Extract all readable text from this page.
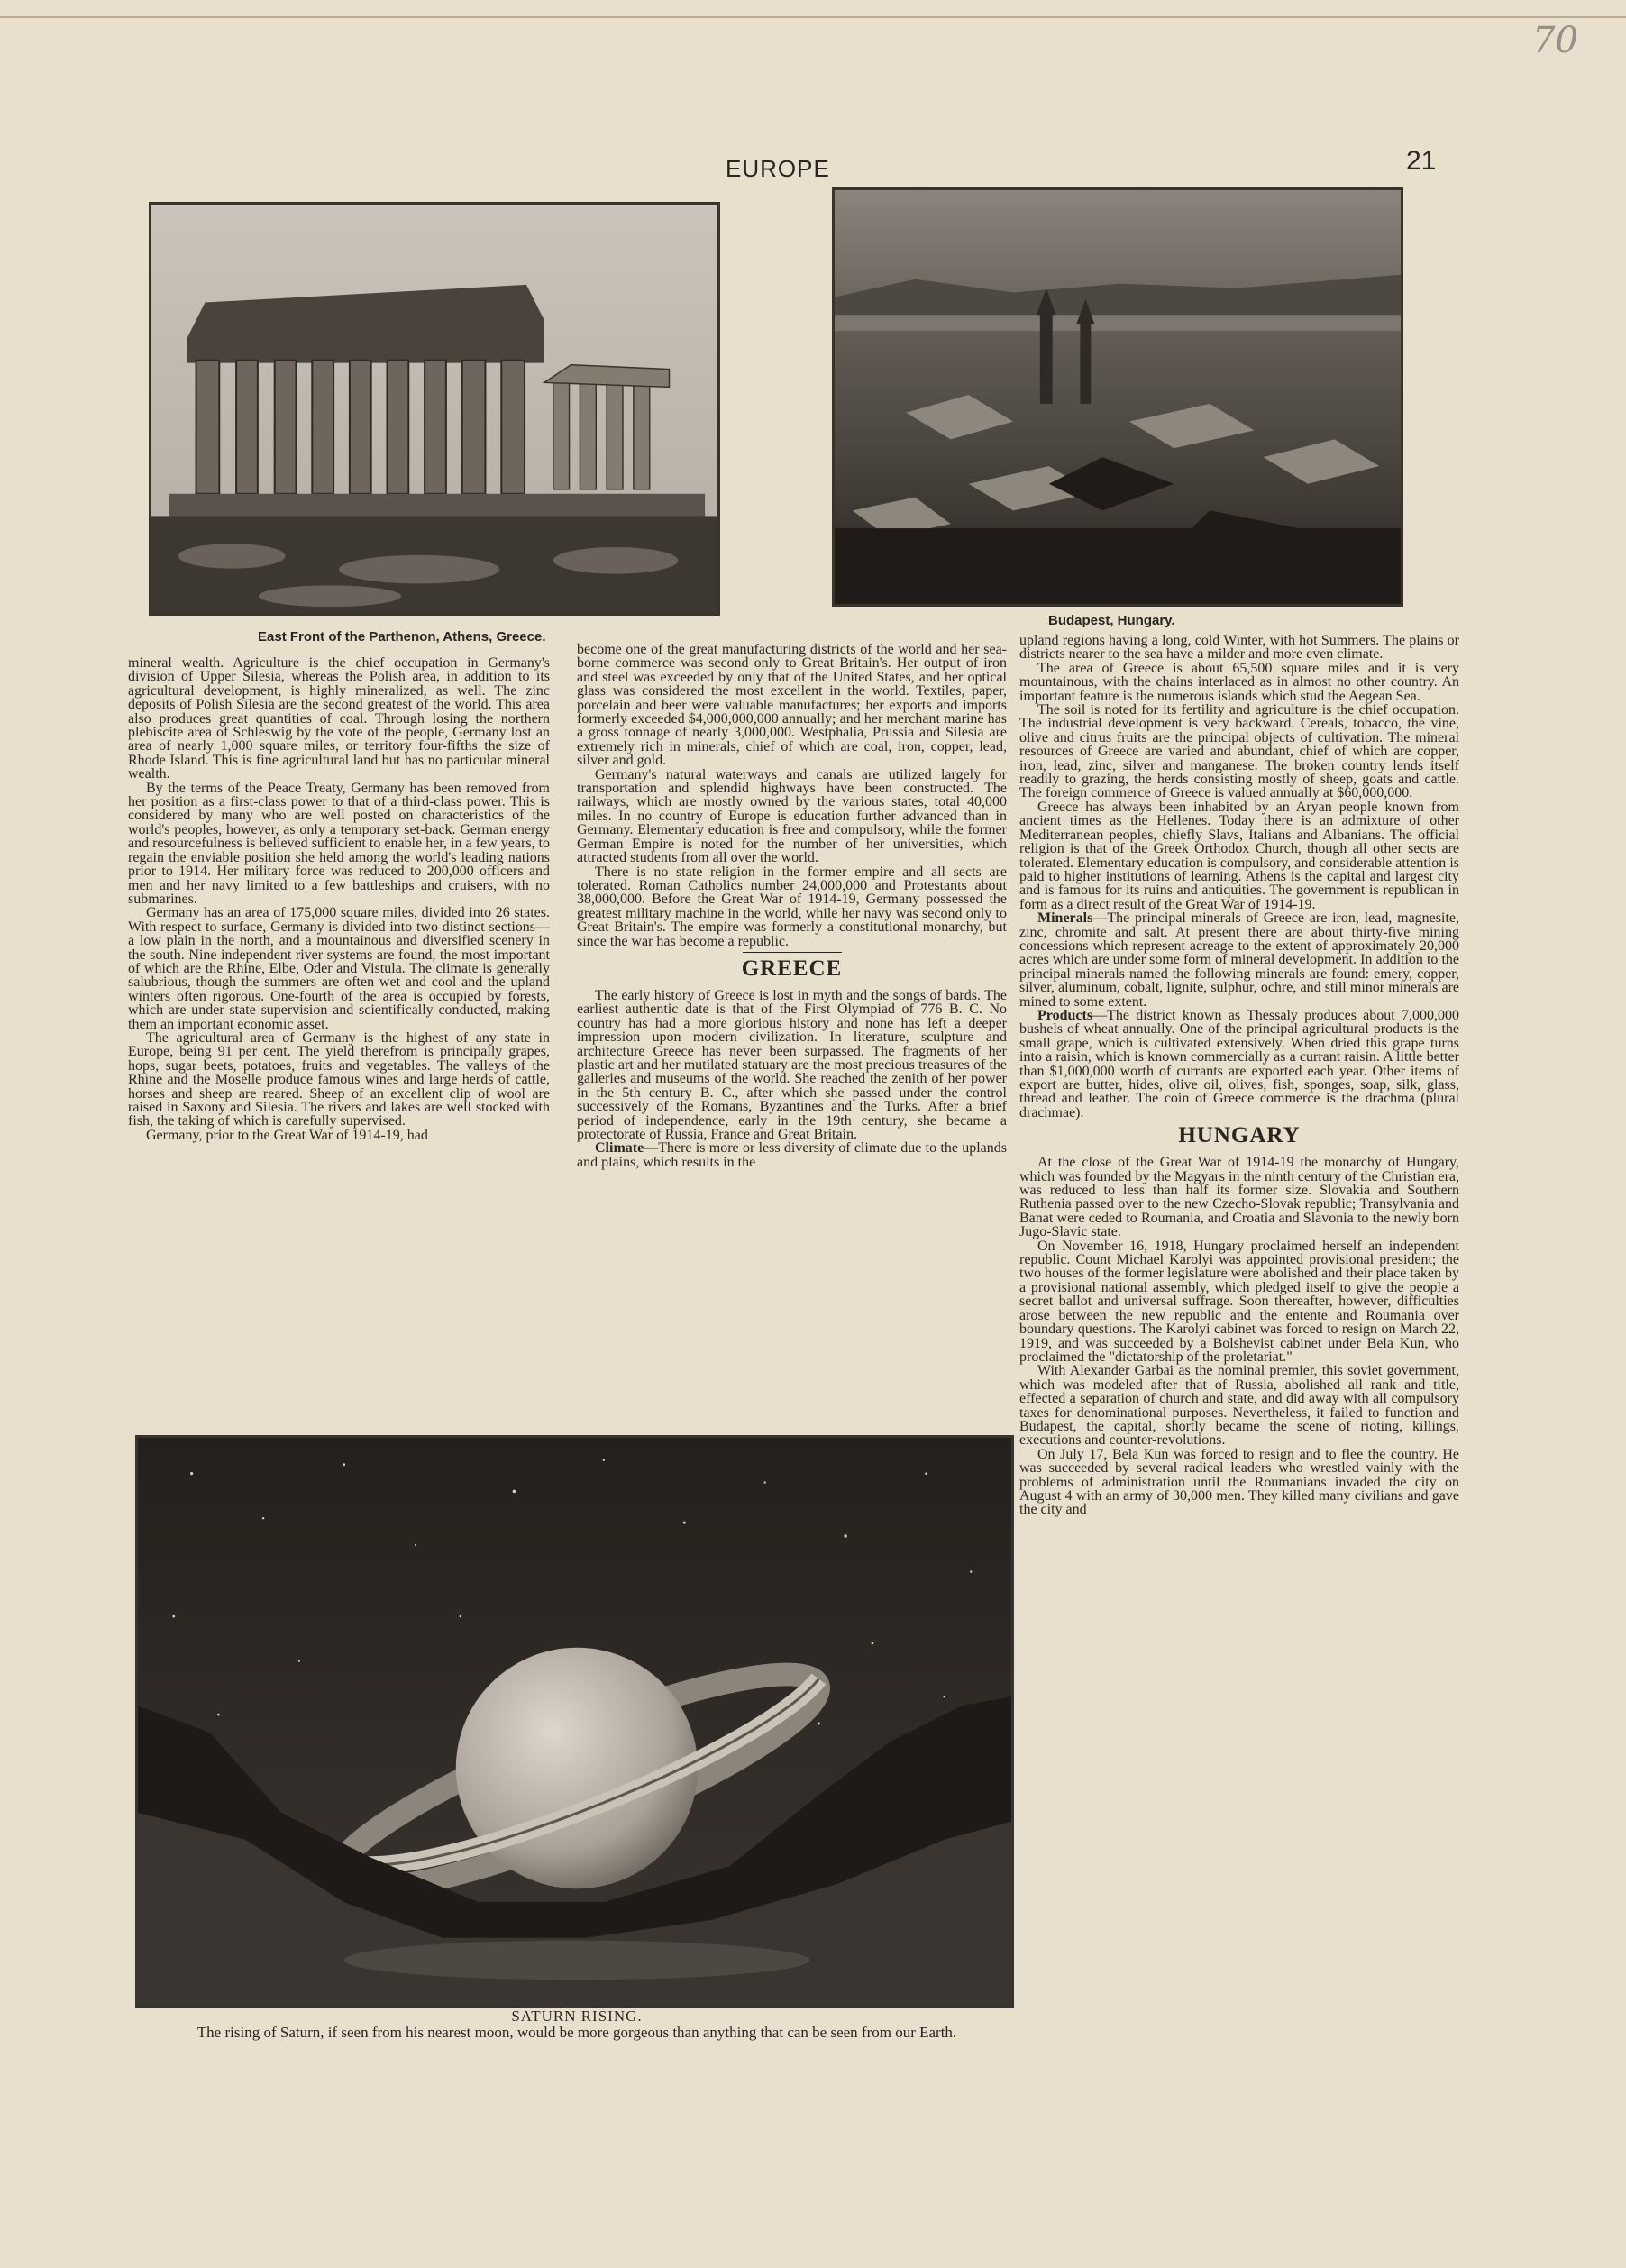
70
EUROPE	21
East Front of the Parthenon, Athens, Greece.
Budapest, Hungary.

mineral wealth. Agriculture is the chief occupation in Germany's division of Upper Silesia, whereas the Polish area, in addition to its agricultural development, is highly mineralized, as well. The zinc deposits of Polish Silesia are the second greatest of the world. This area also produces great quantities of coal. Through losing the northern plebiscite area of Schleswig by the vote of the people, Germany lost an area of nearly 1,000 square miles, or territory four-fifths the size of Rhode Island. This is fine agricultural land but has no particular mineral wealth.

By the terms of the Peace Treaty, Germany has been removed from her position as a first-class power to that of a third-class power. This is considered by many who are well posted on characteristics of the world's peoples, however, as only a temporary set-back. German energy and resourcefulness is believed sufficient to enable her, in a few years, to regain the enviable position she held among the world's leading nations prior to 1914. Her military force was reduced to 200,000 officers and men and her navy limited to a few battleships and cruisers, with no submarines.

Germany has an area of 175,000 square miles, divided into 26 states. With respect to surface, Germany is divided into two distinct sections—a low plain in the north, and a mountainous and diversified scenery in the south. Nine independent river systems are found, the most important of which are the Rhine, Elbe, Oder and Vistula. The climate is generally salubrious, though the summers are often wet and cool and the upland winters often rigorous. One-fourth of the area is occupied by forests, which are under state supervision and scientifically conducted, making them an important economic asset.

The agricultural area of Germany is the highest of any state in Europe, being 91 per cent. The yield therefrom is principally grapes, hops, sugar beets, potatoes, fruits and vegetables. The valleys of the Rhine and the Moselle produce famous wines and large herds of cattle, horses and sheep are reared. Sheep of an excellent clip of wool are raised in Saxony and Silesia. The rivers and lakes are well stocked with fish, the taking of which is carefully supervised.

Germany, prior to the Great War of 1914-19, had

become one of the great manufacturing districts of the world and her sea-borne commerce was second only to Great Britain's. Her output of iron and steel was exceeded by only that of the United States, and her optical glass was considered the most excellent in the world. Textiles, paper, porcelain and beer were valuable manufactures; her exports and imports formerly exceeded $4,000,000,000 annually; and her merchant marine has a gross tonnage of nearly 3,000,000. Westphalia, Prussia and Silesia are extremely rich in minerals, chief of which are coal, iron, copper, lead, silver and gold.

Germany's natural waterways and canals are utilized largely for transportation and splendid highways have been constructed. The railways, which are mostly owned by the various states, total 40,000 miles. In no country of Europe is education further advanced than in Germany. Elementary education is free and compulsory, while the former German Empire is noted for the number of her universities, which attracted students from all over the world.

There is no state religion in the former empire and all sects are tolerated. Roman Catholics number 24,000,000 and Protestants about 38,000,000. Before the Great War of 1914-19, Germany possessed the greatest military machine in the world, while her navy was second only to Great Britain's. The empire was formerly a constitutional monarchy, but since the war has become a republic.

GREECE

The early history of Greece is lost in myth and the songs of bards. The earliest authentic date is that of the First Olympiad of 776 B. C. No country has had a more glorious history and none has left a deeper impression upon modern civilization. In literature, sculpture and architecture Greece has never been surpassed. The fragments of her plastic art and her mutilated statuary are the most precious treasures of the galleries and museums of the world. She reached the zenith of her power in the 5th century B. C., after which she passed under the control successively of the Romans, Byzantines and the Turks. After a brief period of independence, early in the 19th century, she became a protectorate of Russia, France and Great Britain.

Climate—There is more or less diversity of climate due to the uplands and plains, which results in the

upland regions having a long, cold Winter, with hot Summers. The plains or districts nearer to the sea have a milder and more even climate.

The area of Greece is about 65,500 square miles and it is very mountainous, with the chains interlaced as in almost no other country. An important feature is the numerous islands which stud the Aegean Sea.

The soil is noted for its fertility and agriculture is the chief occupation. The industrial development is very backward. Cereals, tobacco, the vine, olive and citrus fruits are the principal objects of cultivation. The mineral resources of Greece are varied and abundant, chief of which are copper, iron, lead, zinc, silver and manganese. The broken country lends itself readily to grazing, the herds consisting mostly of sheep, goats and cattle. The foreign commerce of Greece is valued annually at $60,000,000.

Greece has always been inhabited by an Aryan people known from ancient times as the Hellenes. Today there is an admixture of other Mediterranean peoples, chiefly Slavs, Italians and Albanians. The official religion is that of the Greek Orthodox Church, though all other sects are tolerated. Elementary education is compulsory, and considerable attention is paid to higher institutions of learning. Athens is the capital and largest city and is famous for its ruins and antiquities. The government is republican in form as a direct result of the Great War of 1914-19.

Minerals—The principal minerals of Greece are iron, lead, magnesite, zinc, chromite and salt. At present there are about thirty-five mining concessions which represent acreage to the extent of approximately 20,000 acres which are under some form of mineral development. In addition to the principal minerals named the following minerals are found: emery, copper, silver, aluminum, cobalt, lignite, sulphur, ochre, and still minor minerals are mined to some extent.

Products—The district known as Thessaly produces about 7,000,000 bushels of wheat annually. One of the principal agricultural products is the small grape, which is cultivated extensively. When dried this grape turns into a raisin, which is known commercially as a currant raisin. A little better than $1,000,000 worth of currants are exported each year. Other items of export are butter, hides, olive oil, olives, fish, sponges, soap, silk, glass, thread and leather. The coin of Greece commerce is the drachma (plural drachmae).

HUNGARY

At the close of the Great War of 1914-19 the monarchy of Hungary, which was founded by the Magyars in the ninth century of the Christian era, was reduced to less than half its former size. Slovakia and Southern Ruthenia passed over to the new Czecho-Slovak republic; Transylvania and Banat were ceded to Roumania, and Croatia and Slavonia to the newly born Jugo-Slavic state.

On November 16, 1918, Hungary proclaimed herself an independent republic. Count Michael Karolyi was appointed provisional president; the two houses of the former legislature were abolished and their place taken by a provisional national assembly, which pledged itself to give the people a secret ballot and universal suffrage. Soon thereafter, however, difficulties arose between the new republic and the entente and Roumania over boundary questions. The Karolyi cabinet was forced to resign on March 22, 1919, and was succeeded by a Bolshevist cabinet under Bela Kun, who proclaimed the "dictatorship of the proletariat."

With Alexander Garbai as the nominal premier, this soviet government, which was modeled after that of Russia, abolished all rank and title, effected a separation of church and state, and did away with all compulsory taxes for denominational purposes. Nevertheless, it failed to function and Budapest, the capital, shortly became the scene of rioting, killings, executions and counter-revolutions.

On July 17, Bela Kun was forced to resign and to flee the country. He was succeeded by several radical leaders who wrestled vainly with the problems of administration until the Roumanians invaded the city on August 4 with an army of 30,000 men. They killed many civilians and gave the city and

SATURN RISING.
The rising of Saturn, if seen from his nearest moon, would be more gorgeous than anything that can be seen from our Earth.
